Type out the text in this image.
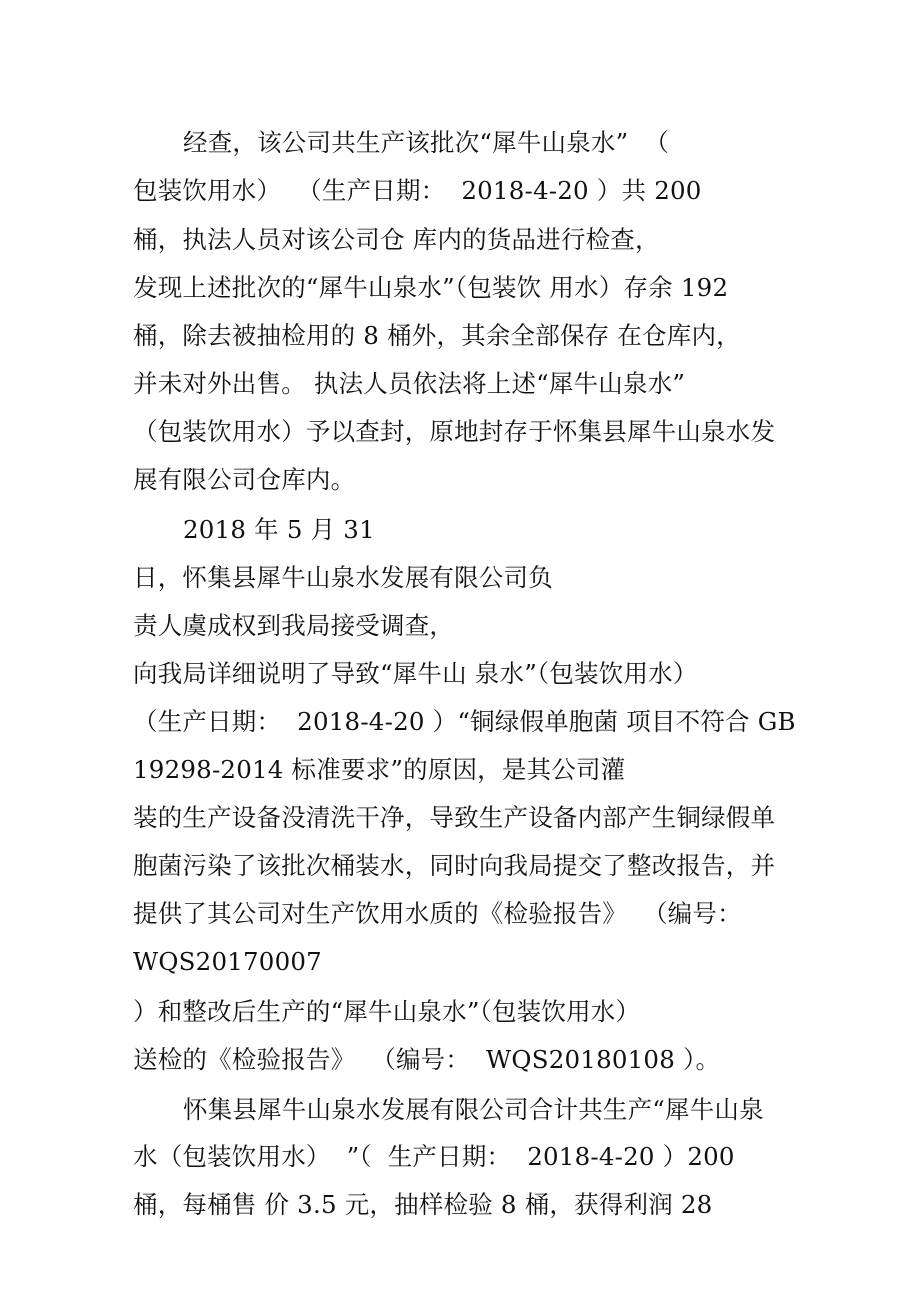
经查，该公司共生产该批次“犀牛山泉水”  （
包装饮用水）  （生产日期：  2018-4-20 ）共 200
桶，执法人员对该公司仓 库内的货品进行检查，
发现上述批次的“犀牛山泉水”（包装饮 用水）存余 192
桶，除去被抽检用的 8 桶外，其余全部保存 在仓库内，
并未对外出售。 执法人员依法将上述“犀牛山泉水”
（包装饮用水）予以查封，原地封存于怀集县犀牛山泉水发
展有限公司仓库内。
2018 年 5 月 31
日，怀集县犀牛山泉水发展有限公司负
责人虞成权到我局接受调查，
向我局详细说明了导致“犀牛山 泉水”（包装饮用水）
（生产日期：  2018-4-20 ）“铜绿假单胞菌 项目不符合 GB
19298-2014 标准要求”的原因，是其公司灌
装的生产设备没清洗干净，导致生产设备内部产生铜绿假单
胞菌污染了该批次桶装水，同时向我局提交了整改报告，并
提供了其公司对生产饮用水质的《检验报告》  （编号：
WQS20170007
）和整改后生产的“犀牛山泉水”（包装饮用水）
送检的《检验报告》  （编号：  WQS20180108 ）。
怀集县犀牛山泉水发展有限公司合计共生产“犀牛山泉
水（包装饮用水）  ”（  生产日期：  2018-4-20 ）200
桶，每桶售 价 3.5 元，抽样检验 8 桶，获得利润 28
